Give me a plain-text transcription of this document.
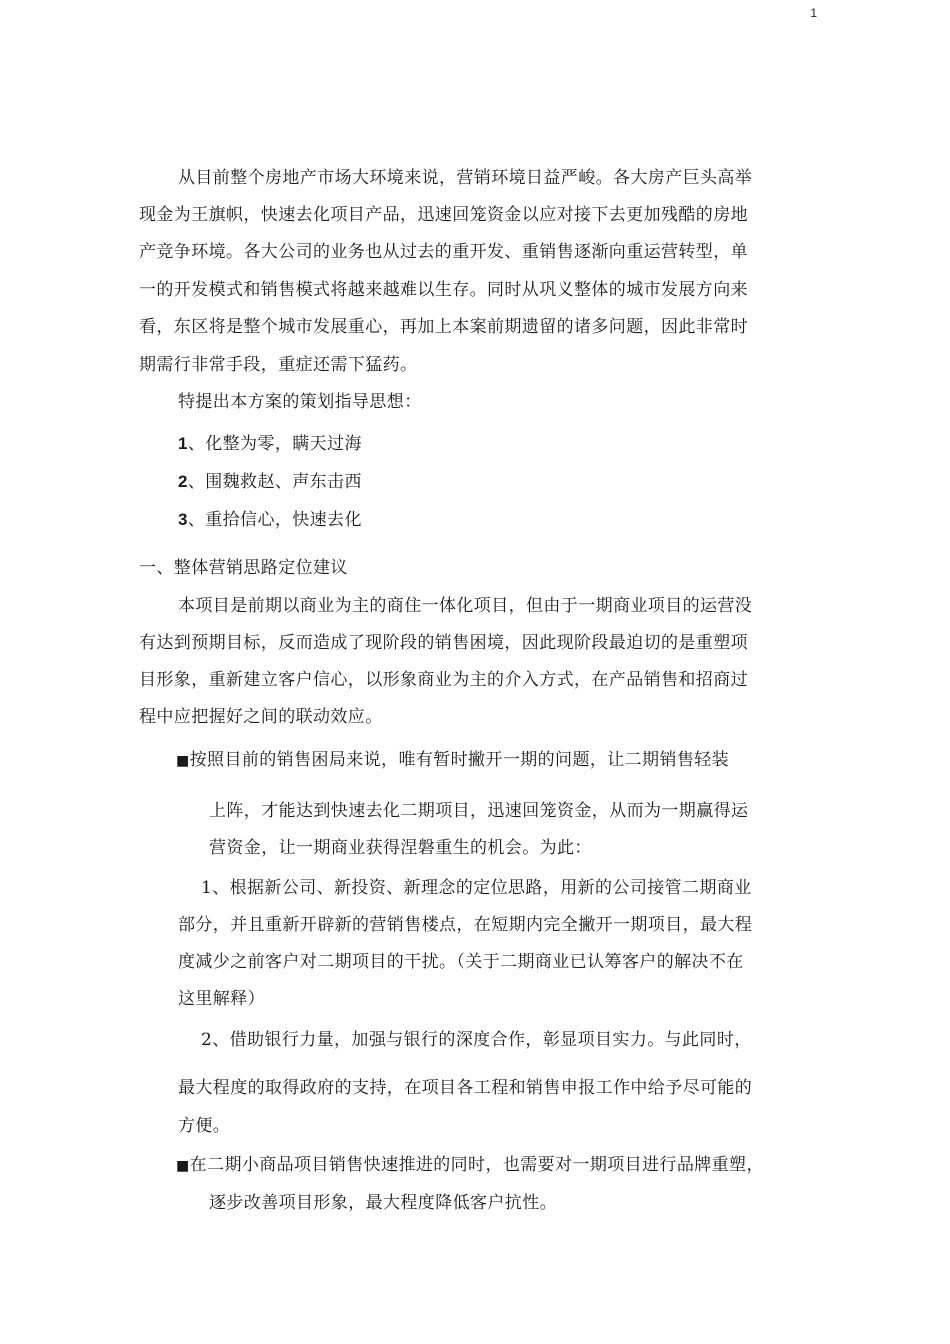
1
从目前整个房地产市场大环境来说，营销环境日益严峻。各大房产巨头高举
现金为王旗帜，快速去化项目产品，迅速回笼资金以应对接下去更加残酷的房地
产竞争环境。各大公司的业务也从过去的重开发、重销售逐渐向重运营转型，单
一的开发模式和销售模式将越来越难以生存。同时从巩义整体的城市发展方向来
看，东区将是整个城市发展重心，再加上本案前期遗留的诸多问题，因此非常时
期需行非常手段，重症还需下猛药。
特提出本方案的策划指导思想：
1、化整为零，瞒天过海
2、围魏救赵、声东击西
3、重拾信心，快速去化
一、整体营销思路定位建议
本项目是前期以商业为主的商住一体化项目，但由于一期商业项目的运营没
有达到预期目标，反而造成了现阶段的销售困境，因此现阶段最迫切的是重塑项
目形象，重新建立客户信心，以形象商业为主的介入方式，在产品销售和招商过
程中应把握好之间的联动效应。
■按照目前的销售困局来说，唯有暂时撇开一期的问题，让二期销售轻装
上阵，才能达到快速去化二期项目，迅速回笼资金，从而为一期赢得运
营资金，让一期商业获得涅磐重生的机会。为此：
1、根据新公司、新投资、新理念的定位思路，用新的公司接管二期商业
部分，并且重新开辟新的营销售楼点，在短期内完全撇开一期项目，最大程
度减少之前客户对二期项目的干扰。（关于二期商业已认筹客户的解决不在
这里解释）
2、借助银行力量，加强与银行的深度合作，彰显项目实力。与此同时，
最大程度的取得政府的支持，在项目各工程和销售申报工作中给予尽可能的
方便。
■在二期小商品项目销售快速推进的同时，也需要对一期项目进行品牌重塑，
逐步改善项目形象，最大程度降低客户抗性。
